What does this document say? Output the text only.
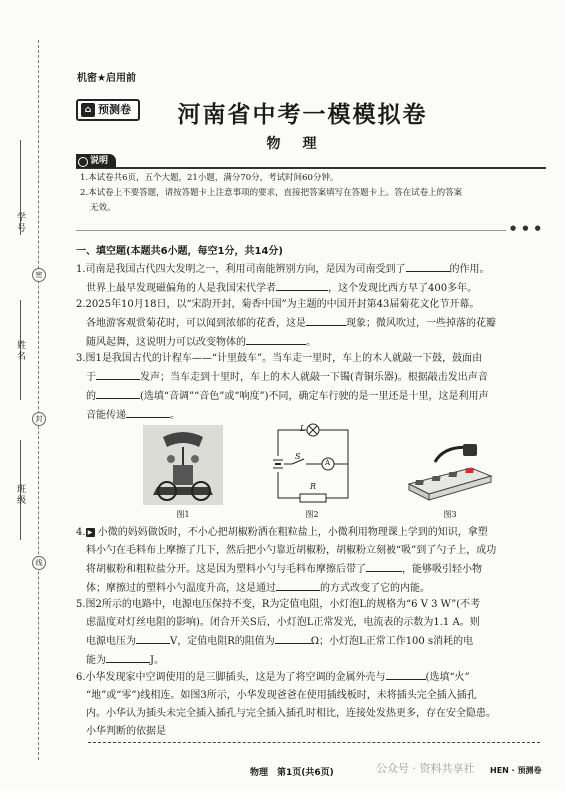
学号
密
姓名
封
班级
线
机密★启用前
⌂ 预测卷	河南省中考一模模拟卷
物理
说明

1.本试卷共6页，五个大题，21小题，满分70分，考试时间60分钟。

2.本试卷上不要答题，请按答题卡上注意事项的要求，直接把答案填写在答题卡上。答在试卷上的答案

无效。

● ● ●
一、填空题(本题共6小题，每空1分，共14分)

1.司南是我国古代四大发明之一，利用司南能辨别方向，是因为司南受到了	的作用。

世界上最早发现磁偏角的人是我国宋代学者	，这个发现比西方早了400多年。

2.2025年10月18日，以“宋韵开封，菊香中国”为主题的中国开封第43届菊花文化节开幕。

各地游客观赏菊花时，可以闻到浓郁的花香，这是	现象；微风吹过，一些掉落的花瓣

随风起舞，这说明力可以改变物体的	。

3.图1是我国古代的计程车——“计里鼓车”。当车走一里时，车上的木人就敲一下鼓，鼓面由

于	发声；当车走到十里时，车上的木人就敲一下镯(青铜乐器)。根据敲击发出声音

的	(选填“音调”“音色”或“响度”)不同，确定车行驶的是一里还是十里，这是利用声

音能传递	。

图1
L
S
A
R
图2	图3

4. ▶ 小微的妈妈做饭时，不小心把胡椒粉洒在粗粒盐上，小微利用物理课上学到的知识，拿塑

料小勺在毛料布上摩擦了几下，然后把小勺靠近胡椒粉，胡椒粉立刻被“吸”到了勺子上，成功

将胡椒粉和粗粒盐分开。这是因为塑料小勺与毛料布摩擦后带了	，能够吸引轻小物

体；摩擦过的塑料小勺温度升高，这是通过	的方式改变了它的内能。

5.图2所示的电路中，电源电压保持不变，R为定值电阻，小灯泡L的规格为“6 V 3 W”(不考

虑温度对灯丝电阻的影响)。闭合开关S后，小灯泡L正常发光，电流表的示数为1.1 A。则

电源电压为	V，定值电阻R的阻值为	Ω；小灯泡L正常工作100 s消耗的电

能为	J。

6.小华发现家中空调使用的是三脚插头，这是为了将空调的金属外壳与	(选填“火”

“地”或“零”)线相连。如图3所示，小华发现爸爸在使用插线板时，未将插头完全插入插孔

内。小华认为插头未完全插入插孔与完全插入插孔时相比，连接处发热更多，存在安全隐患。

小华判断的依据是

物理　第1页(共6页)	公众号 · 资料共享社 HEN · 预测卷
